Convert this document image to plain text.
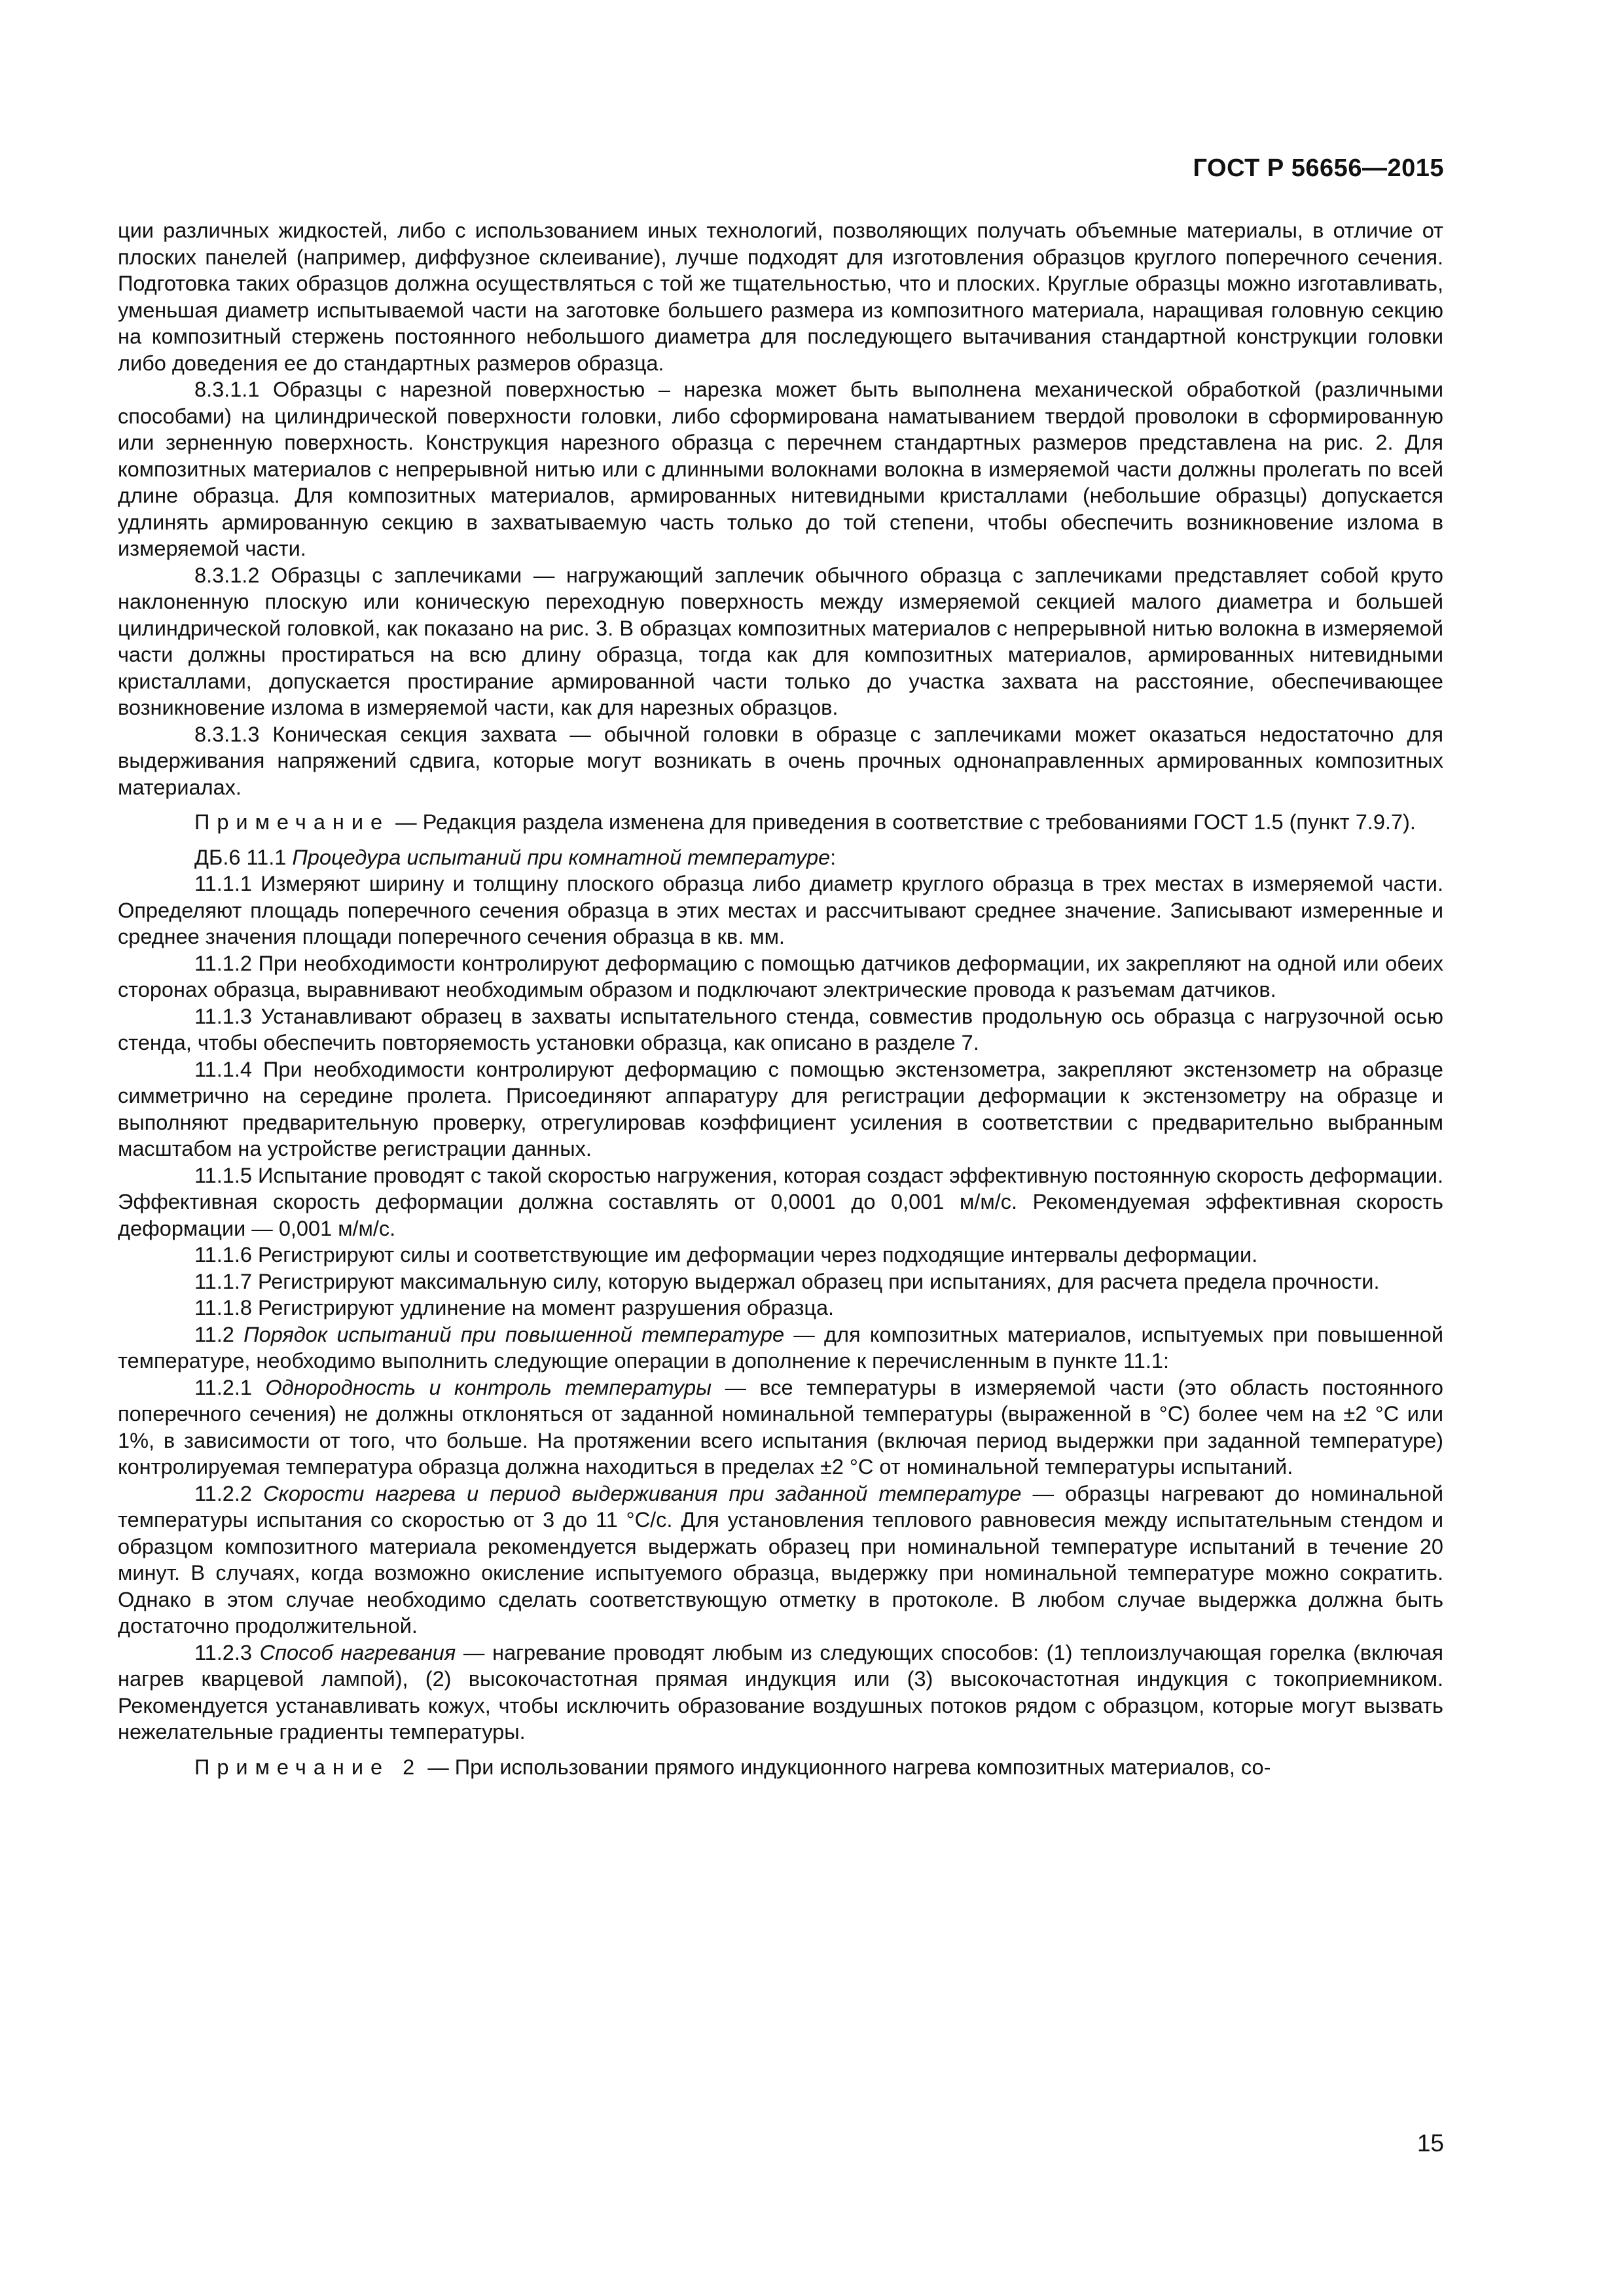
ГОСТ Р 56656—2015

ции различных жидкостей, либо с использованием иных технологий, позволяющих получать объемные материалы, в отличие от плоских панелей (например, диффузное склеивание), лучше подходят для изготовления образцов круглого поперечного сечения. Подготовка таких образцов должна осуществляться с той же тщательностью, что и плоских. Круглые образцы можно изготавливать, уменьшая диаметр испытываемой части на заготовке большего размера из композитного материала, наращивая головную секцию на композитный стержень постоянного небольшого диаметра для последующего вытачивания стандартной конструкции головки либо доведения ее до стандартных размеров образца.

8.3.1.1 Образцы с нарезной поверхностью – нарезка может быть выполнена механической обработкой (различными способами) на цилиндрической поверхности головки, либо сформирована наматыванием твердой проволоки в сформированную или зерненную поверхность. Конструкция нарезного образца с перечнем стандартных размеров представлена на рис. 2. Для композитных материалов с непрерывной нитью или с длинными волокнами волокна в измеряемой части должны пролегать по всей длине образца. Для композитных материалов, армированных нитевидными кристаллами (небольшие образцы) допускается удлинять армированную секцию в захватываемую часть только до той степени, чтобы обеспечить возникновение излома в измеряемой части.

8.3.1.2 Образцы с заплечиками — нагружающий заплечик обычного образца с заплечиками представляет собой круто наклоненную плоскую или коническую переходную поверхность между измеряемой секцией малого диаметра и большей цилиндрической головкой, как показано на рис. 3. В образцах композитных материалов с непрерывной нитью волокна в измеряемой части должны простираться на всю длину образца, тогда как для композитных материалов, армированных нитевидными кристаллами, допускается простирание армированной части только до участка захвата на расстояние, обеспечивающее возникновение излома в измеряемой части, как для нарезных образцов.

8.3.1.3 Коническая секция захвата — обычной головки в образце с заплечиками может оказаться недостаточно для выдерживания напряжений сдвига, которые могут возникать в очень прочных однонаправленных армированных композитных материалах.

Примечание — Редакция раздела изменена для приведения в соответствие с требованиями ГОСТ 1.5 (пункт 7.9.7).

ДБ.6 11.1 Процедура испытаний при комнатной температуре:

11.1.1 Измеряют ширину и толщину плоского образца либо диаметр круглого образца в трех местах в измеряемой части. Определяют площадь поперечного сечения образца в этих местах и рассчитывают среднее значение. Записывают измеренные и среднее значения площади поперечного сечения образца в кв. мм.

11.1.2 При необходимости контролируют деформацию с помощью датчиков деформации, их закрепляют на одной или обеих сторонах образца, выравнивают необходимым образом и подключают электрические провода к разъемам датчиков.

11.1.3 Устанавливают образец в захваты испытательного стенда, совместив продольную ось образца с нагрузочной осью стенда, чтобы обеспечить повторяемость установки образца, как описано в разделе 7.

11.1.4 При необходимости контролируют деформацию с помощью экстензометра, закрепляют экстензометр на образце симметрично на середине пролета. Присоединяют аппаратуру для регистрации деформации к экстензометру на образце и выполняют предварительную проверку, отрегулировав коэффициент усиления в соответствии с предварительно выбранным масштабом на устройстве регистрации данных.

11.1.5 Испытание проводят с такой скоростью нагружения, которая создаст эффективную постоянную скорость деформации. Эффективная скорость деформации должна составлять от 0,0001 до 0,001 м/м/с. Рекомендуемая эффективная скорость деформации — 0,001 м/м/с.

11.1.6 Регистрируют силы и соответствующие им деформации через подходящие интервалы деформации.

11.1.7 Регистрируют максимальную силу, которую выдержал образец при испытаниях, для расчета предела прочности.

11.1.8 Регистрируют удлинение на момент разрушения образца.

11.2 Порядок испытаний при повышенной температуре — для композитных материалов, испытуемых при повышенной температуре, необходимо выполнить следующие операции в дополнение к перечисленным в пункте 11.1:

11.2.1 Однородность и контроль температуры — все температуры в измеряемой части (это область постоянного поперечного сечения) не должны отклоняться от заданной номинальной температуры (выраженной в °С) более чем на ±2 °С или 1%, в зависимости от того, что больше. На протяжении всего испытания (включая период выдержки при заданной температуре) контролируемая температура образца должна находиться в пределах ±2 °С от номинальной температуры испытаний.

11.2.2 Скорости нагрева и период выдерживания при заданной температуре — образцы нагревают до номинальной температуры испытания со скоростью от 3 до 11 °С/с. Для установления теплового равновесия между испытательным стендом и образцом композитного материала рекомендуется выдержать образец при номинальной температуре испытаний в течение 20 минут. В случаях, когда возможно окисление испытуемого образца, выдержку при номинальной температуре можно сократить. Однако в этом случае необходимо сделать соответствующую отметку в протоколе. В любом случае выдержка должна быть достаточно продолжительной.

11.2.3 Способ нагревания — нагревание проводят любым из следующих способов: (1) теплоизлучающая горелка (включая нагрев кварцевой лампой), (2) высокочастотная прямая индукция или (3) высокочастотная индукция с токоприемником. Рекомендуется устанавливать кожух, чтобы исключить образование воздушных потоков рядом с образцом, которые могут вызвать нежелательные градиенты температуры.

Примечание 2 — При использовании прямого индукционного нагрева композитных материалов, со-

15
